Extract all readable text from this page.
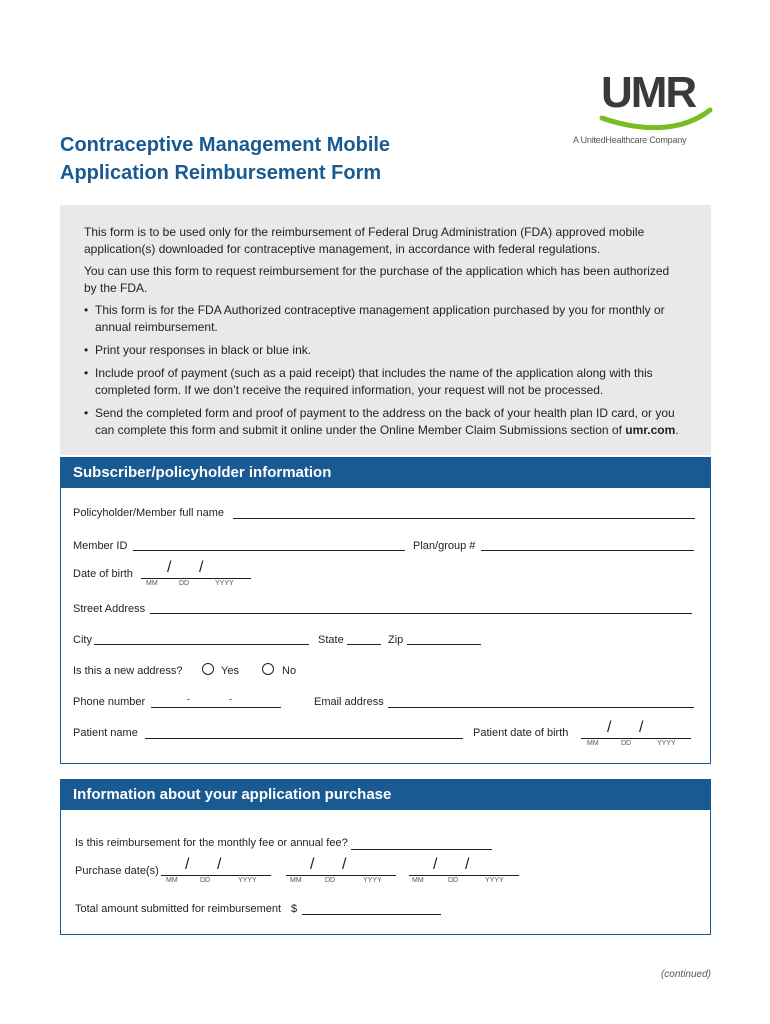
Contraceptive Management Mobile
Application Reimbursement Form
UMR
A UnitedHealthcare Company

This form is to be used only for the reimbursement of Federal Drug Administration (FDA) approved mobile application(s) downloaded for contraceptive management, in accordance with federal regulations.

You can use this form to request reimbursement for the purchase of the application which has been authorized by the FDA.

• This form is for the FDA Authorized contraceptive management application purchased by you for monthly or annual reimbursement.
• Print your responses in black or blue ink.
• Include proof of payment (such as a paid receipt) that includes the name of the application along with this completed form. If we don’t receive the required information, your request will not be processed.
• Send the completed form and proof of payment to the address on the back of your health plan ID card, or you can complete this form and submit it online under the Online Member Claim Submissions section of umr.com.
Subscriber/policyholder information
Policyholder/Member full name
Member ID	Plan/group #
Date of birth / /
MM	DD	YYYY
Street Address
City	State	Zip
Is this a new address?	Yes	No
Phone number	-	-	Email address
Patient name	Patient date of birth / /
MM	DD	YYYY
Information about your application purchase
Is this reimbursement for the monthly fee or annual fee?
Purchase date(s) / /
MM	DD	YYYY
/ /
MM	DD	YYYY
/ /
MM	DD	YYYY
Total amount submitted for reimbursement $
(continued)
